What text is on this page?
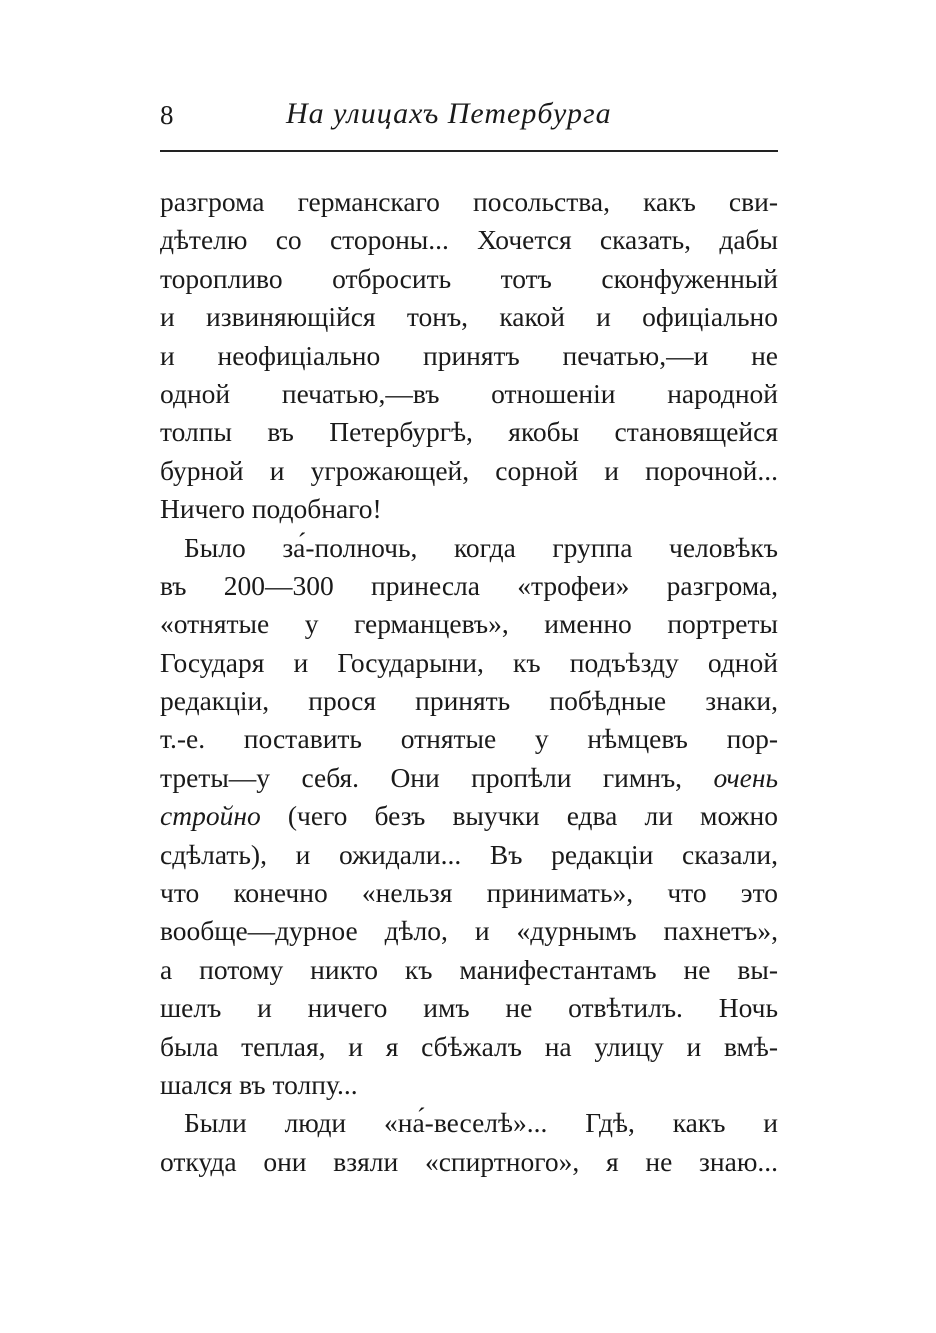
8	На улицахъ Петербурга
разгрома германскаго посольства, какъ сви-
дѣтелю со стороны... Хочется сказать, дабы
торопливо отбросить тотъ сконфуженный
и извиняющійся тонъ, какой и офиціально
и неофиціально принятъ печатью,—и не
одной печатью,—въ отношеніи народной
толпы въ Петербургѣ, якобы становящейся
бурной и угрожающей, сорной и порочной...
Ничего подобнаго!
Было за́-полночь, когда группа человѣкъ
въ 200—300 принесла «трофеи» разгрома,
«отнятые у германцевъ», именно портреты
Государя и Государыни, къ подъѣзду одной
редакціи, прося принять побѣдные знаки,
т.-е. поставить отнятые у нѣмцевъ пор-
треты—у себя. Они пропѣли гимнъ, очень
стройно (чего безъ выучки едва ли можно
сдѣлать), и ожидали... Въ редакціи сказали,
что конечно «нельзя принимать», что это
вообще—дурное дѣло, и «дурнымъ пахнетъ»,
а потому никто къ манифестантамъ не вы-
шелъ и ничего имъ не отвѣтилъ. Ночь
была теплая, и я сбѣжалъ на улицу и вмѣ-
шался въ толпу...
Были люди «на́-веселѣ»... Гдѣ, какъ и
откуда они взяли «спиртного», я не знаю...
